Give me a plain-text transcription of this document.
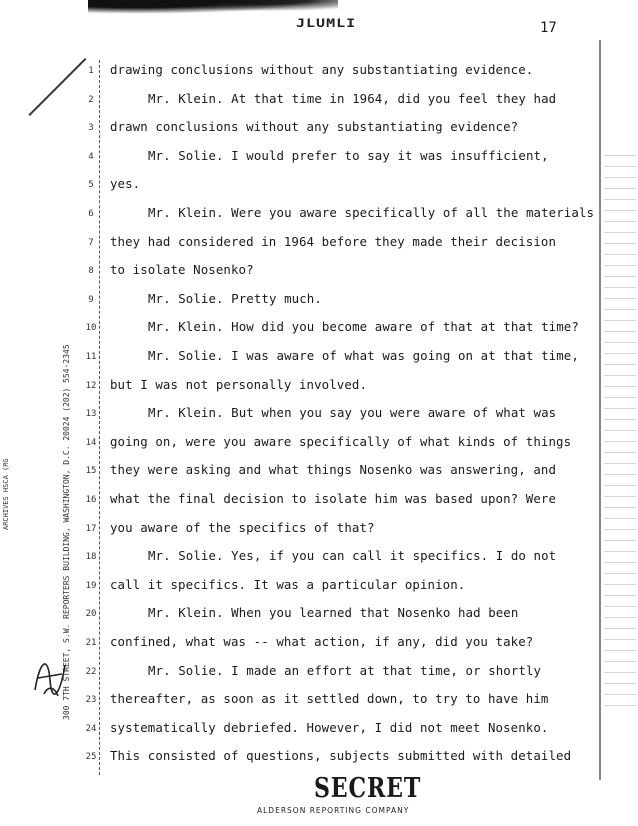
JLUMLI	17
ARCHIVES HSCA (RG	300 7TH STREET, S.W. REPORTERS BUILDING, WASHINGTON, D.C. 20024 (202) 554-2345
1	drawing conclusions without any substantiating evidence.
2	Mr. Klein. At that time in 1964, did you feel they had
3	drawn conclusions without any substantiating evidence?
4	Mr. Solie. I would prefer to say it was insufficient,
5	yes.
6	Mr. Klein. Were you aware specifically of all the materials
7	they had considered in 1964 before they made their decision
8	to isolate Nosenko?
9	Mr. Solie. Pretty much.
10	Mr. Klein. How did you become aware of that at that time?
11	Mr. Solie. I was aware of what was going on at that time,
12 but I was not personally involved.
13	Mr. Klein. But when you say you were aware of what was
14 going on, were you aware specifically of what kinds of things
15 they were asking and what things Nosenko was answering, and
16 what the final decision to isolate him was based upon? Were
17 you aware of the specifics of that?
18	Mr. Solie. Yes, if you can call it specifics. I do not
19 call it specifics. It was a particular opinion.
20	Mr. Klein. When you learned that Nosenko had been
21 confined, what was -- what action, if any, did you take?
22	Mr. Solie. I made an effort at that time, or shortly
23 thereafter, as soon as it settled down, to try to have him
24 systematically debriefed. However, I did not meet Nosenko.
25 This consisted of questions, subjects submitted with detailed
SECRET
ALDERSON REPORTING COMPANY
